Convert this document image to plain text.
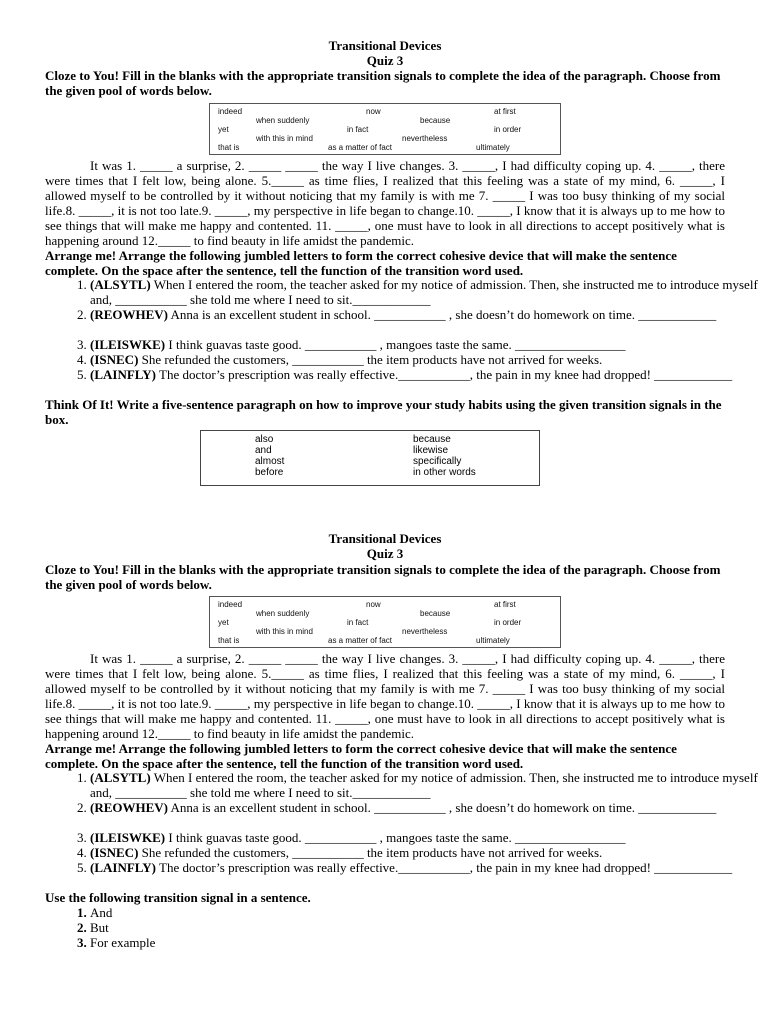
Transitional Devices
Quiz 3
Cloze to You! Fill in the blanks with the appropriate transition signals to complete the idea of the paragraph. Choose from the given pool of words below.
indeed	now	at first
when suddenly	because
yet	in fact	in order
with this in mind	nevertheless
that is	as a matter of fact	ultimately
It was 1. _____ a surprise, 2. _____ _____ the way I live changes. 3. _____, I had difficulty coping up. 4. _____, there were times that I felt low, being alone. 5._____ as time flies, I realized that this feeling was a state of my mind, 6. _____, I allowed myself to be controlled by it without noticing that my family is with me 7. _____ I was too busy thinking of my social life.8. _____, it is not too late.9. _____, my perspective in life began to change.10. _____, I know that it is always up to me how to see things that will make me happy and contented. 11. _____, one must have to look in all directions to accept positively what is happening around 12._____ to find beauty in life amidst the pandemic.
Arrange me! Arrange the following jumbled letters to form the correct cohesive device that will make the sentence complete. On the space after the sentence, tell the function of the transition word used.
1. (ALSYTL) When I entered the room, the teacher asked for my notice of admission. Then, she instructed me to introduce myself and, ___________ she told me where I need to sit.____________
2. (REOWHEV) Anna is an excellent student in school. ___________ , she doesn’t do homework on time. ____________
3. (ILEISWKE) I think guavas taste good. ___________ , mangoes taste the same. _________________
4. (ISNEC) She refunded the customers, ___________ the item products have not arrived for weeks.
5. (LAINFLY) The doctor’s prescription was really effective.___________, the pain in my knee had dropped! ____________
Think Of It! Write a five-sentence paragraph on how to improve your study habits using the given transition signals in the box.
also	because
and	likewise
almost	specifically
before	in other words
Transitional Devices
Quiz 3
Cloze to You! Fill in the blanks with the appropriate transition signals to complete the idea of the paragraph. Choose from the given pool of words below.
indeed	now	at first
when suddenly	because
yet	in fact	in order
with this in mind	nevertheless
that is	as a matter of fact	ultimately
It was 1. _____ a surprise, 2. _____ _____ the way I live changes. 3. _____, I had difficulty coping up. 4. _____, there were times that I felt low, being alone. 5._____ as time flies, I realized that this feeling was a state of my mind, 6. _____, I allowed myself to be controlled by it without noticing that my family is with me 7. _____ I was too busy thinking of my social life.8. _____, it is not too late.9. _____, my perspective in life began to change.10. _____, I know that it is always up to me how to see things that will make me happy and contented. 11. _____, one must have to look in all directions to accept positively what is happening around 12._____ to find beauty in life amidst the pandemic.
Arrange me! Arrange the following jumbled letters to form the correct cohesive device that will make the sentence complete. On the space after the sentence, tell the function of the transition word used.
1. (ALSYTL) When I entered the room, the teacher asked for my notice of admission. Then, she instructed me to introduce myself and, ___________ she told me where I need to sit.____________
2. (REOWHEV) Anna is an excellent student in school. ___________ , she doesn’t do homework on time. ____________
3. (ILEISWKE) I think guavas taste good. ___________ , mangoes taste the same. _________________
4. (ISNEC) She refunded the customers, ___________ the item products have not arrived for weeks.
5. (LAINFLY) The doctor’s prescription was really effective.___________, the pain in my knee had dropped! ____________
Use the following transition signal in a sentence.
1. And
2. But
3. For example
